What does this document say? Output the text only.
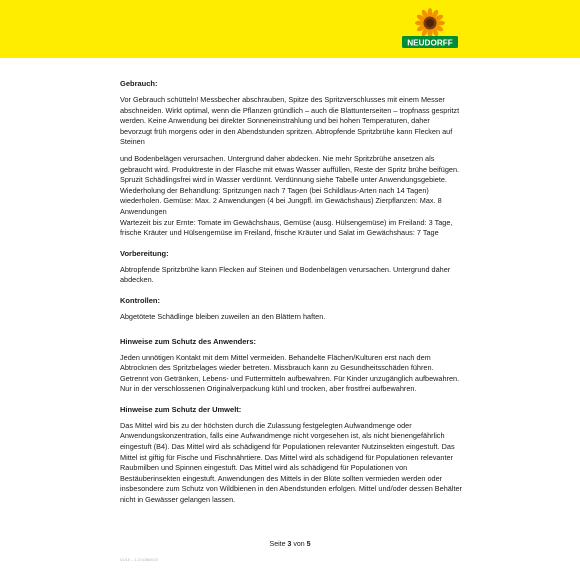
NEUDORFF
Gebrauch:

Vor Gebrauch schütteln! Messbecher abschrauben, Spitze des Spritzverschlusses mit einem Messer abschneiden. Wirkt optimal, wenn die Pflanzen gründlich – auch die Blattunterseiten – tropfnass gespritzt werden. Keine Anwendung bei direkter Sonneneinstrahlung und bei hohen Temperaturen, daher bevorzugt früh morgens oder in den Abendstunden spritzen. Abtropfende Spritzbrühe kann Flecken auf Steinen

und Bodenbelägen verursachen. Untergrund daher abdecken. Nie mehr Spritzbrühe ansetzen als gebraucht wird. Produktreste in der Flasche mit etwas Wasser auffüllen, Reste der Spritz brühe beifügen. Spruzit Schädlingsfrei wird in Wasser verdünnt. Verdünnung siehe Tabelle unter Anwendungsgebiete.

Wiederholung der Behandlung: Spritzungen nach 7 Tagen (bei Schildlaus-Arten nach 14 Tagen) wiederholen. Gemüse: Max. 2 Anwendungen (4 bei Jungpfl. im Gewächshaus) Zierpflanzen: Max. 8 Anwendungen

Wartezeit bis zur Ernte: Tomate im Gewächshaus, Gemüse (ausg. Hülsengemüse) im Freiland: 3 Tage, frische Kräuter und Hülsengemüse im Freiland, frische Kräuter und Salat im Gewächshaus: 7 Tage

Vorbereitung:

Abtropfende Spritzbrühe kann Flecken auf Steinen und Bodenbelägen verursachen. Untergrund daher abdecken.

Kontrollen:

Abgetötete Schädlinge bleiben zuweilen an den Blättern haften.

Hinweise zum Schutz des Anwenders:

Jeden unnötigen Kontakt mit dem Mittel vermeiden. Behandelte Flächen/Kulturen erst nach dem Abtrocknen des Spritzbelages wieder betreten. Missbrauch kann zu Gesundheitsschäden führen. Getrennt von Getränken, Lebens- und Futtermitteln aufbewahren. Für Kinder unzugänglich aufbewahren. Nur in der verschlossenen Originalverpackung kühl und trocken, aber frostfrei aufbewahren.

Hinweise zum Schutz der Umwelt:

Das Mittel wird bis zu der höchsten durch die Zulassung festgelegten Aufwandmenge oder Anwendungskonzentration, falls eine Aufwandmenge nicht vorgesehen ist, als nicht bienengefährlich eingestuft (B4). Das Mittel wird als schädigend für Populationen relevanter Nutzinsekten eingestuft. Das Mittel ist giftig für Fische und Fischnährtiere. Das Mittel wird als schädigend für Populationen relevanter Raubmilben und Spinnen eingestuft. Das Mittel wird als schädigend für Populationen von Bestäuberinsekten eingestuft. Anwendungen des Mittels in der Blüte sollten vermieden werden oder insbesondere zum Schutz von Wildbienen in den Abendstunden erfolgen. Mittel und/oder dessen Behälter nicht in Gewässer gelangen lassen.

Seite 3 von 5
01/15 – 1.2/1086/015
